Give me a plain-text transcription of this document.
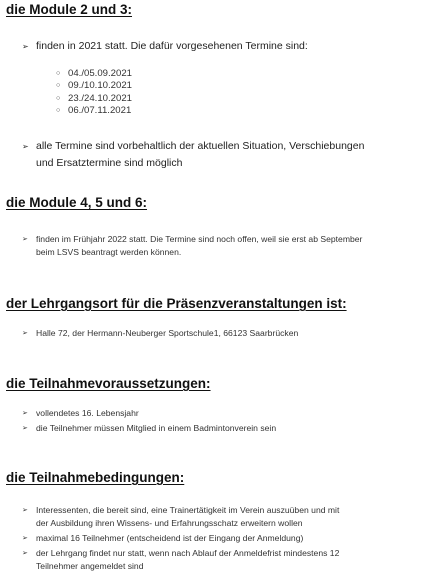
die Module 2 und 3:
➢ finden in 2021 statt. Die dafür vorgesehenen Termine sind:
○ 04./05.09.2021
○ 09./10.10.2021
○ 23./24.10.2021
○ 06./07.11.2021
➢ alle Termine sind vorbehaltlich der aktuellen Situation, Verschiebungen
und Ersatztermine sind möglich
die Module 4, 5 und 6:
➢ finden im Frühjahr 2022 statt. Die Termine sind noch offen, weil sie erst ab September
beim LSVS beantragt werden können.
der Lehrgangsort für die Präsenzveranstaltungen ist:
➢ Halle 72, der Hermann-Neuberger Sportschule1, 66123 Saarbrücken
die Teilnahmevoraussetzungen:
➢ vollendetes 16. Lebensjahr
➢ die Teilnehmer müssen Mitglied in einem Badmintonverein sein
die Teilnahmebedingungen:
➢ Interessenten, die bereit sind, eine Trainertätigkeit im Verein auszuüben und mit
der Ausbildung ihren Wissens- und Erfahrungsschatz erweitern wollen
➢ maximal 16 Teilnehmer (entscheidend ist der Eingang der Anmeldung)
➢ der Lehrgang findet nur statt, wenn nach Ablauf der Anmeldefrist mindestens 12
Teilnehmer angemeldet sind
